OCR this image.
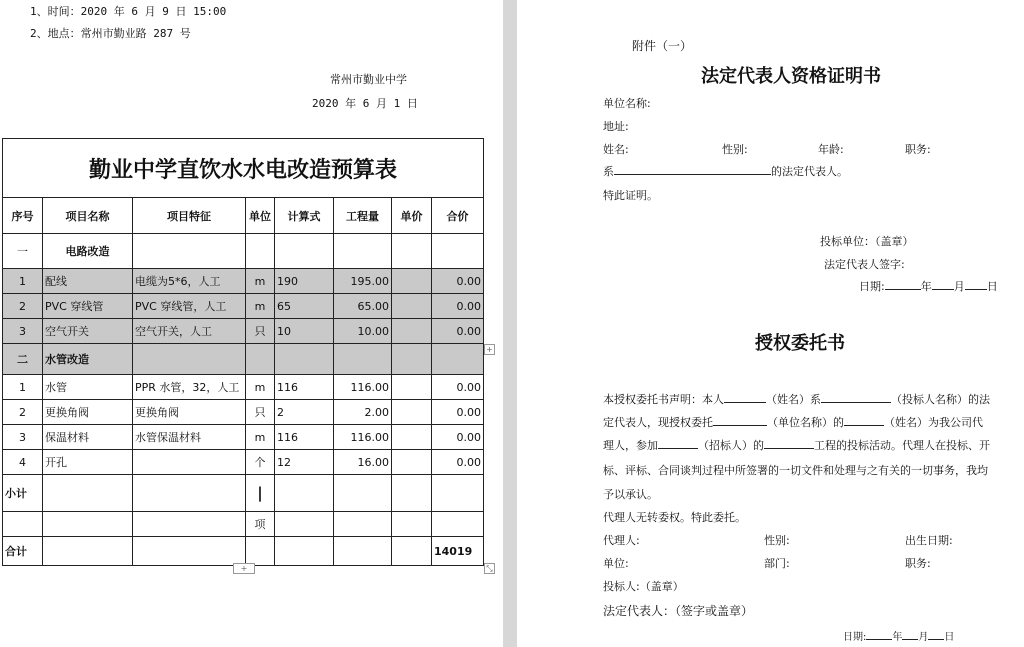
1、时间：2020 年 6 月 9 日 15:00
2、地点：常州市勤业路 287 号
常州市勤业中学
2020 年 6 月 1 日
勤业中学直饮水水电改造预算表							
序号	项目名称	项目特征	单位	计算式	工程量	单价	合价
一	电路改造						
1	配线	电缆为5*6，人工	m	190	195.00		0.00
2	PVC 穿线管	PVC 穿线管，人工	m	65	65.00		0.00
3	空气开关	空气开关，人工	只	10	10.00		0.00
二	水管改造						
1	水管	PPR 水管，32，人工	m	116	116.00		0.00
2	更换角阀	更换角阀	只	2	2.00		0.00
3	保温材料	水管保温材料	m	116	116.00		0.00
4	开孔		个	12	16.00		0.00
小计			|				
			项				
合计							14019
+
+	⤡
附件（一）
法定代表人资格证明书
单位名称:
地址:
姓名:	性别:	年龄:	职务:
系	的法定代表人。
特此证明。
投标单位：（盖章）
法定代表人签字:
日期:	年 月 日
授权委托书
本授权委托书声明：本人	（姓名）系	（投标人名称）的法
定代表人，现授权委托	（单位名称）的	（姓名）为我公司代
理人，参加	（招标人）的	工程的投标活动。代理人在投标、开
标、评标、合同谈判过程中所签署的一切文件和处理与之有关的一切事务，我均
予以承认。
代理人无转委权。特此委托。
代理人:	性别:	出生日期:
单位:	部门:	职务:
投标人:（盖章）
法定代表人：（签字或盖章）
日期:	年 月 日
